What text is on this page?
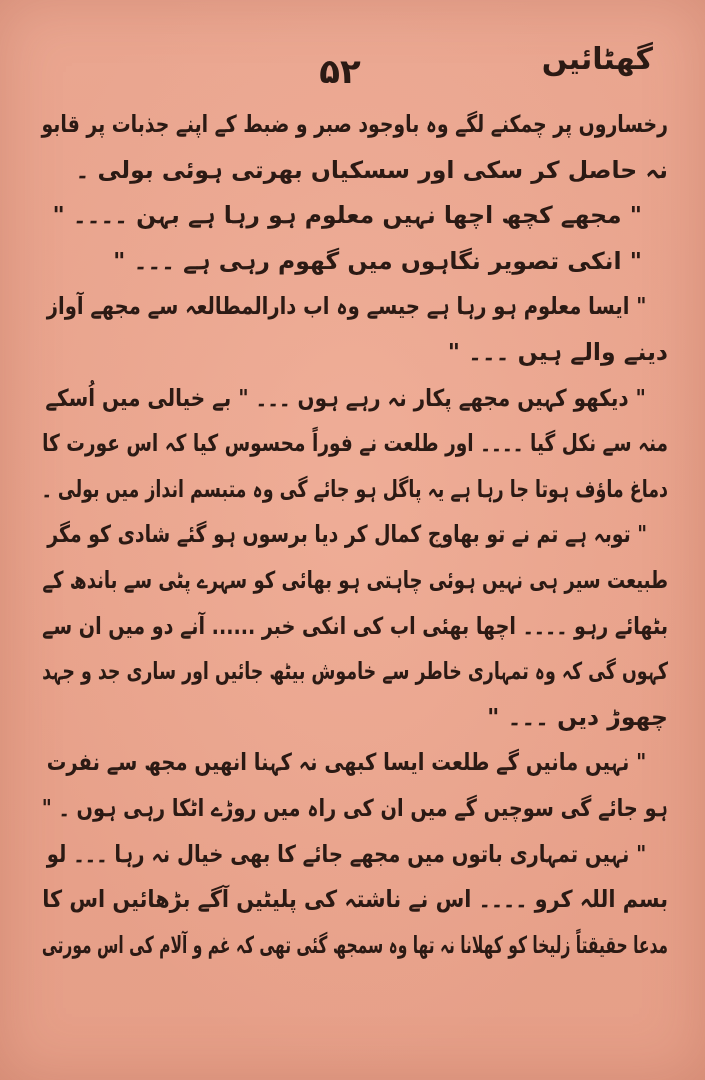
گھٹائیں
۵۲
رخساروں پر چمکنے لگے وہ باوجود صبر و ضبط کے اپنے جذبات پر قابو
نہ حاصل کر سکی اور سسکیاں بھرتی ہوئی بولی ۔
" مجھے کچھ اچھا نہیں معلوم ہو رہا ہے بہن ۔۔۔۔ "
" انکی تصویر نگاہوں میں گھوم رہی ہے ۔۔۔ "
" ایسا معلوم ہو رہا ہے جیسے وہ اب دارالمطالعہ سے مجھے آواز
دینے والے ہیں ۔۔۔ "
" دیکھو کہیں مجھے پکار نہ رہے ہوں ۔۔۔ " بے خیالی میں اُسکے
منہ سے نکل گیا ۔۔۔۔ اور طلعت نے فوراً محسوس کیا کہ اس عورت کا
دماغ ماؤف ہوتا جا رہا ہے یہ پاگل ہو جائے گی وہ متبسم انداز میں بولی ۔
" توبہ ہے تم نے تو بھاوج کمال کر دیا برسوں ہو گئے شادی کو مگر
طبیعت سیر ہی نہیں ہوئی چاہتی ہو بھائی کو سہرے پٹی سے باندھ کے
بٹھائے رہو ۔۔۔۔ اچھا بھئی اب کی انکی خبر ...... آنے دو میں ان سے
کہوں گی کہ وہ تمہاری خاطر سے خاموش بیٹھ جائیں اور ساری جد و جہد
چھوڑ دیں ۔۔۔ "
" نہیں مانیں گے طلعت ایسا کبھی نہ کہنا انھیں مجھ سے نفرت
ہو جائے گی سوچیں گے میں ان کی راہ میں روڑے اٹکا رہی ہوں ۔ "
" نہیں تمہاری باتوں میں مجھے جائے کا بھی خیال نہ رہا ۔۔۔ لو
بسم اللہ کرو ۔۔۔۔ اس نے ناشتہ کی پلیٹیں آگے بڑھائیں اس کا
مدعا حقیقتاً زلیخا کو کھلانا نہ تھا وہ سمجھ گئی تھی کہ غم و آلام کی اس مورتی
